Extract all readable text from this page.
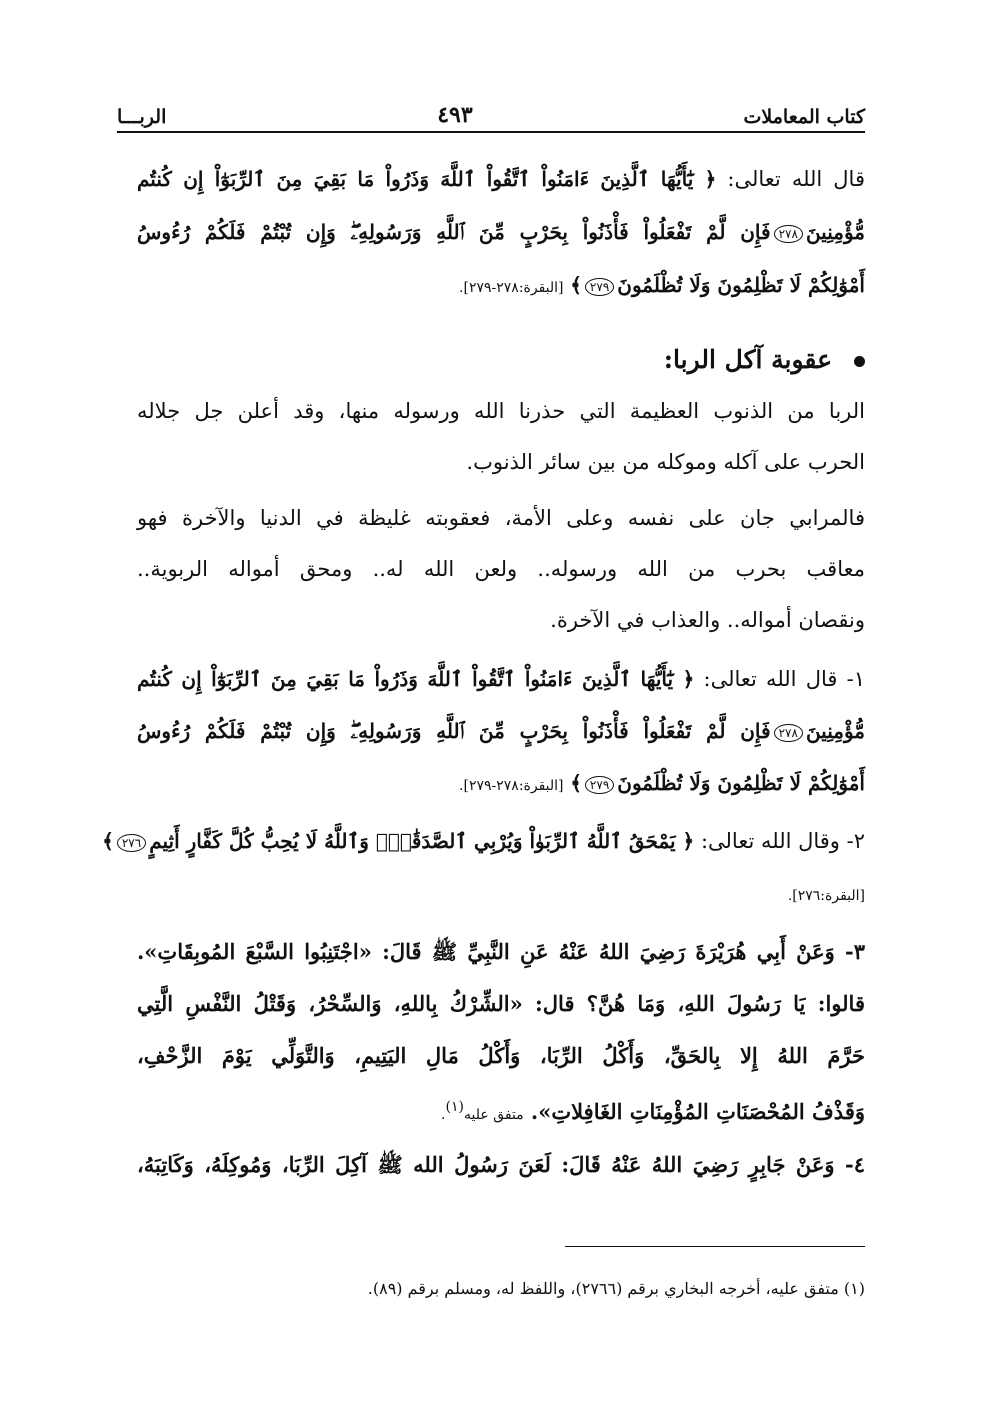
كتاب المعاملات
٤٩٣
الربـــا
قال الله تعالى: ﴿ يَٰٓأَيُّهَا ٱلَّذِينَ ءَامَنُواْ ٱتَّقُواْ ٱللَّهَ وَذَرُواْ مَا بَقِيَ مِنَ ٱلرِّبَوٰٓاْ إِن كُنتُم
مُّؤْمِنِينَ٢٧٨فَإِن لَّمْ تَفْعَلُواْ فَأْذَنُواْ بِحَرْبٍ مِّنَ ٱللَّهِ وَرَسُولِهِۦۖ وَإِن تُبْتُمْ فَلَكُمْ رُءُوسُ
أَمْوَٰلِكُمْ لَا تَظْلِمُونَ وَلَا تُظْلَمُونَ٢٧٩﴾ [البقرة:٢٧٨-٢٧٩].
عقوبة آكل الربا:
الربا من الذنوب العظيمة التي حذرنا الله ورسوله منها، وقد أعلن جل جلاله
الحرب على آكله وموكله من بين سائر الذنوب.
فالمرابي جان على نفسه وعلى الأمة، فعقوبته غليظة في الدنيا والآخرة فهو
معاقب بحرب من الله ورسوله.. ولعن الله له.. ومحق أمواله الربوية..
ونقصان أمواله.. والعذاب في الآخرة.
١- قال الله تعالى: ﴿ يَٰٓأَيُّهَا ٱلَّذِينَ ءَامَنُواْ ٱتَّقُواْ ٱللَّهَ وَذَرُواْ مَا بَقِيَ مِنَ ٱلرِّبَوٰٓاْ إِن كُنتُم
مُّؤْمِنِينَ٢٧٨فَإِن لَّمْ تَفْعَلُواْ فَأْذَنُواْ بِحَرْبٍ مِّنَ ٱللَّهِ وَرَسُولِهِۦۖ وَإِن تُبْتُمْ فَلَكُمْ رُءُوسُ
أَمْوَٰلِكُمْ لَا تَظْلِمُونَ وَلَا تُظْلَمُونَ٢٧٩﴾ [البقرة:٢٧٨-٢٧٩].
٢- وقال الله تعالى: ﴿ يَمْحَقُ ٱللَّهُ ٱلرِّبَوٰاْ وَيُرْبِي ٱلصَّدَقَٰتِۗ وَٱللَّهُ لَا يُحِبُّ كُلَّ كَفَّارٍ أَثِيمٍ٢٧٦﴾
[البقرة:٢٧٦].
٣- وَعَنْ أَبِي هُرَيْرَةَ رَضِيَ اللهُ عَنْهُ عَنِ النَّبِيِّ ﷺ قَالَ: «اجْتَنِبُوا السَّبْعَ المُوبِقَاتِ».
قالوا: يَا رَسُولَ اللهِ، وَمَا هُنَّ؟ قال: «الشِّرْكُ بِاللهِ، وَالسِّحْرُ، وَقَتْلُ النَّفْسِ الَّتِي
حَرَّمَ اللهُ إِلا بِالحَقِّ، وَأَكْلُ الرِّبَا، وَأَكْلُ مَالِ اليَتِيمِ، وَالتَّوَلِّي يَوْمَ الزَّحْفِ،
وَقَذْفُ المُحْصَنَاتِ المُؤْمِنَاتِ الغَافِلاتِ». متفق عليه$^{(١)}$.
٤- وَعَنْ جَابِرٍ رَضِيَ اللهُ عَنْهُ قَالَ: لَعَنَ رَسُولُ الله ﷺ آكِلَ الرِّبَا، وَمُوكِلَهُ، وَكَاتِبَهُ،
(١) متفق عليه، أخرجه البخاري برقم (٢٧٦٦)، واللفظ له، ومسلم برقم (٨٩).
